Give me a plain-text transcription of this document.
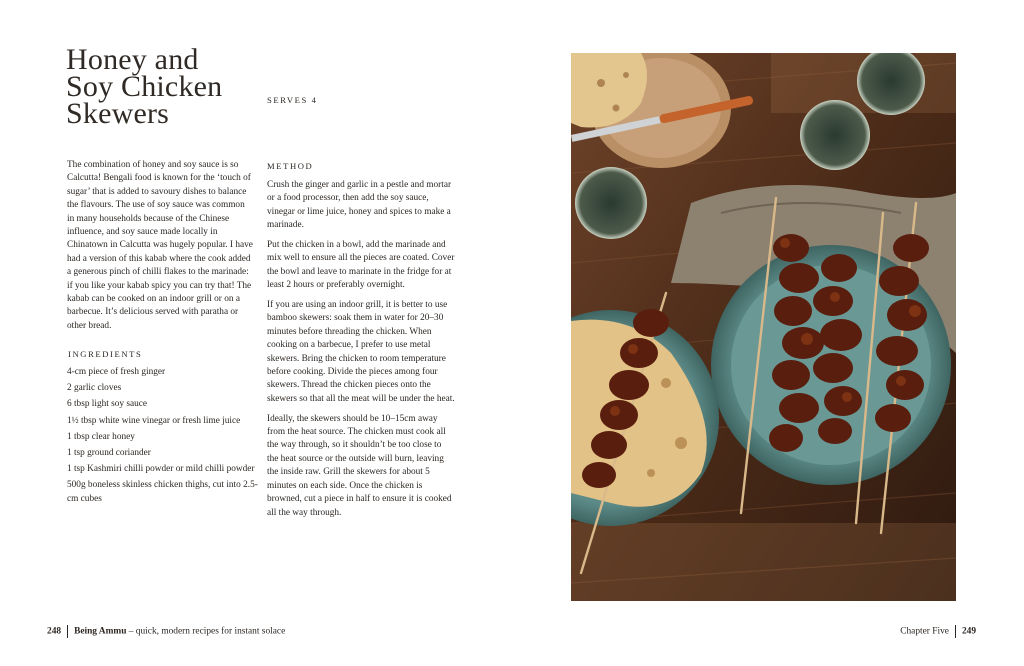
Honey and
Soy Chicken
Skewers	SERVES 4

The combination of honey and soy sauce is so Calcutta! Bengali food is known for the ‘touch of sugar’ that is added to savoury dishes to balance the flavours. The use of soy sauce was common in many households because of the Chinese influence, and soy sauce made locally in Chinatown in Calcutta was hugely popular. I have had a version of this kabab where the cook added a generous pinch of chilli flakes to the marinade: if you like your kabab spicy you can try that! The kabab can be cooked on an indoor grill or on a barbecue. It’s delicious served with paratha or other bread.

INGREDIENTS
4-cm piece of fresh ginger
2 garlic cloves
6 tbsp light soy sauce
1½ tbsp white wine vinegar or fresh lime juice
1 tbsp clear honey
1 tsp ground coriander
1 tsp Kashmiri chilli powder or mild chilli powder
500g boneless skinless chicken thighs, cut into 2.5-cm cubes
METHOD

Crush the ginger and garlic in a pestle and mortar or a food processor, then add the soy sauce, vinegar or lime juice, honey and spices to make a marinade.

Put the chicken in a bowl, add the marinade and mix well to ensure all the pieces are coated. Cover the bowl and leave to marinate in the fridge for at least 2 hours or preferably overnight.

If you are using an indoor grill, it is better to use bamboo skewers: soak them in water for 20–30 minutes before threading the chicken. When cooking on a barbecue, I prefer to use metal skewers. Bring the chicken to room temperature before cooking. Divide the pieces among four skewers. Thread the chicken pieces onto the skewers so that all the meat will be under the heat.

Ideally, the skewers should be 10–15cm away from the heat source. The chicken must cook all the way through, so it shouldn’t be too close to the heat source or the outside will burn, leaving the inside raw. Grill the skewers for about 5 minutes on each side. Once the chicken is browned, cut a piece in half to ensure it is cooked all the way through.

248 Being Ammu – quick, modern recipes for instant solace	Chapter Five 249
